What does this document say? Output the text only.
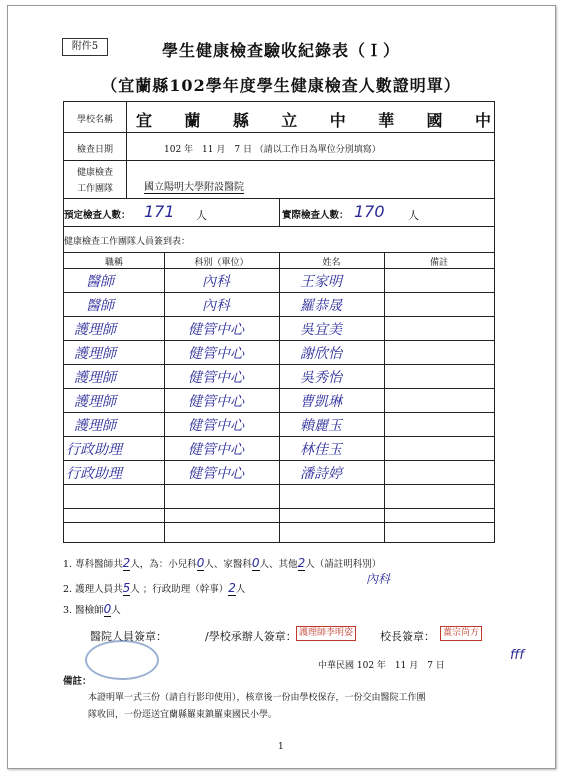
附件5	學生健康檢查驗收紀錄表（Ｉ）
（宜蘭縣102學年度學生健康檢查人數證明單）
學校名稱	宜 蘭 縣 立 中 華 國 中
檢查日期	102 年　11 月　7 日 （請以工作日為單位分別填寫）
健康檢查
工作團隊	國立陽明大學附設醫院
預定檢查人數： 171 人	實際檢查人數： 170 人
健康檢查工作團隊人員簽到表：
職稱	科別（單位）	姓名	備註
醫師	內科	王家明
醫師	內科	羅恭晟
護理師	健管中心	吳宜美
護理師	健管中心	謝欣怡
護理師	健管中心	吳秀怡
護理師	健管中心	曹凱琳
護理師	健管中心	賴麗玉
行政助理	健管中心	林佳玉
行政助理	健管中心	潘詩婷
1. 專科醫師共2人，為：小兒科0人、家醫科0人、其他2人（請註明科別）
內科
2. 護理人員共5人 ；行政助理（幹事）2人
3. 醫檢師0人
醫院人員簽章：	/學校承辦人簽章： 護理師李明姿 校長簽章： 薑宗尚方
中華民國 102 年　11 月　7 日
fff
備註：
本證明單一式三份（請自行影印使用），核章後一份由學校保存，一份交由醫院工作團
隊收回，一份逕送宜蘭縣羅東鎮羅東國民小學。
1
